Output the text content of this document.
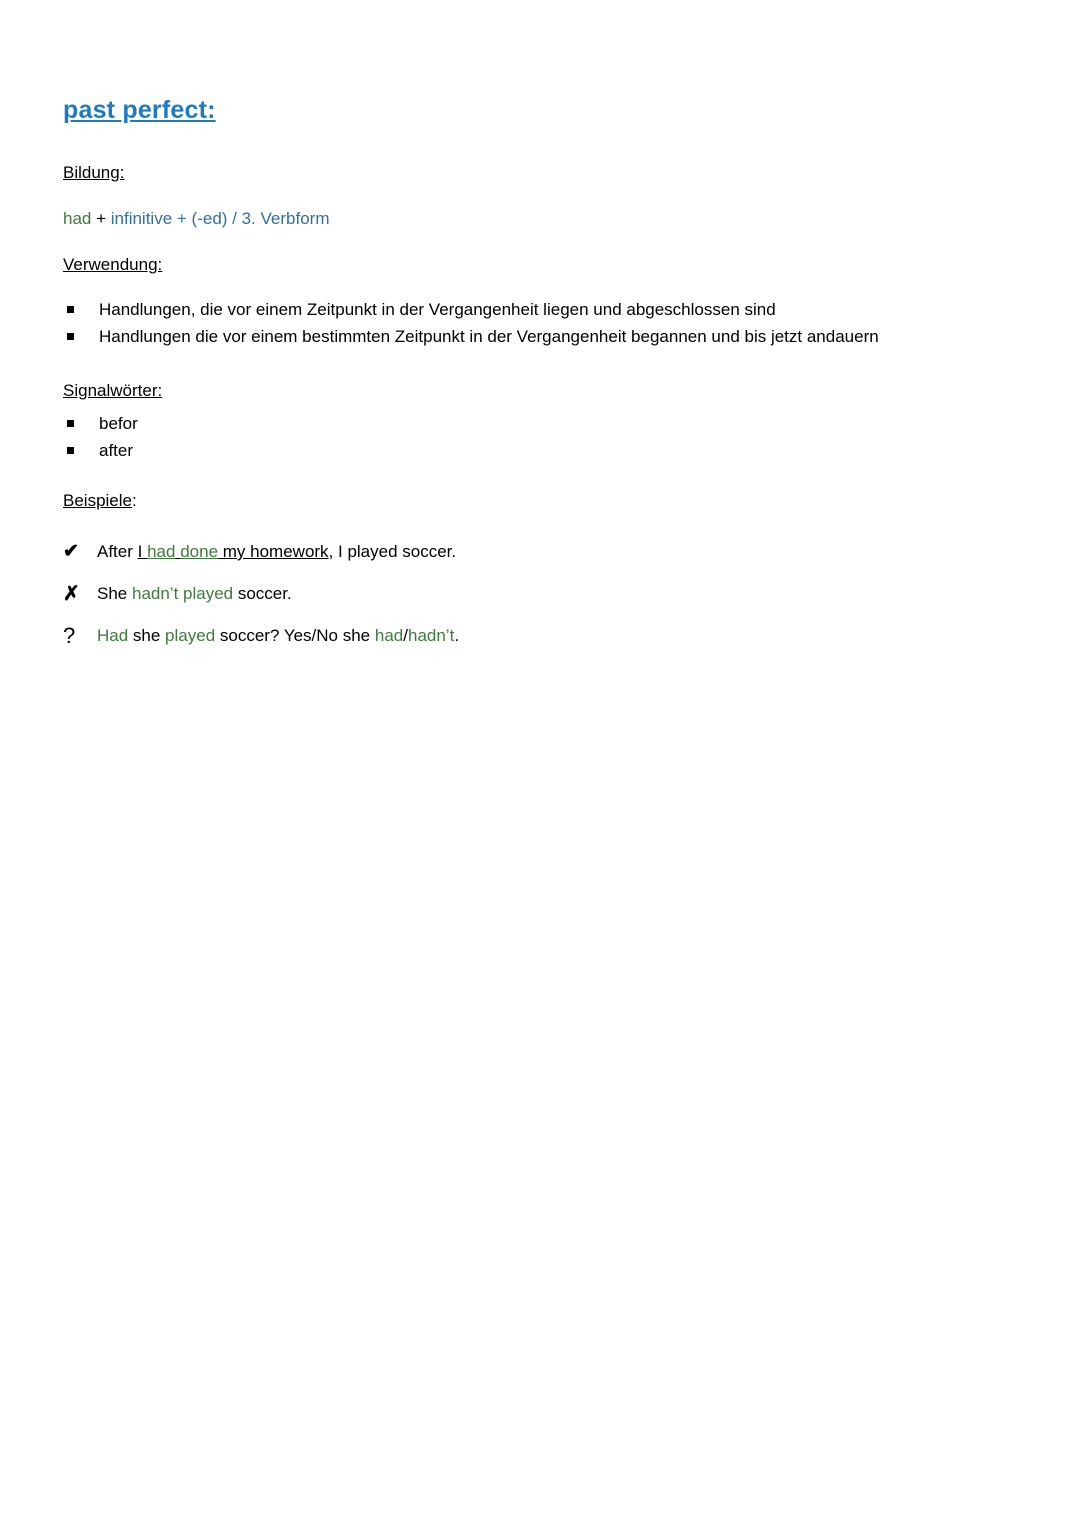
past perfect:

Bildung:

had + infinitive + (-ed) / 3. Verbform

Verwendung:

Handlungen, die vor einem Zeitpunkt in der Vergangenheit liegen und abgeschlossen sind
Handlungen die vor einem bestimmten Zeitpunkt in der Vergangenheit begannen und bis jetzt andauern

Signalwörter:

befor
after

Beispiele:

✔	After I had done my homework, I played soccer.
✗	She hadn’t played soccer.
?	Had she played soccer? Yes/No she had/hadn’t.
